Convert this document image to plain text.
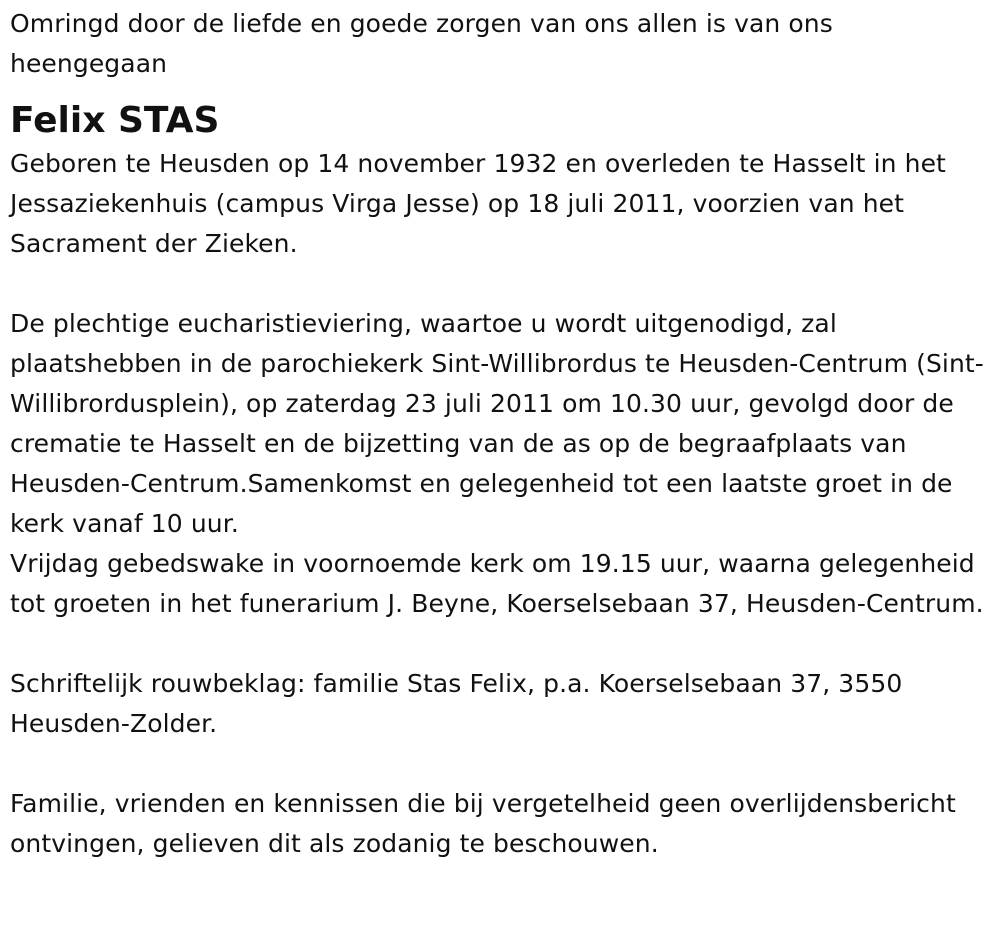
Omringd door de liefde en goede zorgen van ons allen is van ons heengegaan

Felix STAS

Geboren te Heusden op 14 november 1932 en overleden te Hasselt in het Jessaziekenhuis (campus Virga Jesse) op 18 juli 2011, voorzien van het Sacrament der Zieken.

De plechtige eucharistieviering, waartoe u wordt uitgenodigd, zal plaatshebben in de parochiekerk Sint-Willibrordus te Heusden-Centrum (Sint-Willibrordusplein), op zaterdag 23 juli 2011 om 10.30 uur, gevolgd door de crematie te Hasselt en de bijzetting van de as op de begraafplaats van Heusden-Centrum.Samenkomst en gelegenheid tot een laatste groet in de kerk vanaf 10 uur.

Vrijdag gebedswake in voornoemde kerk om 19.15 uur, waarna gelegenheid tot groeten in het funerarium J. Beyne, Koerselsebaan 37, Heusden-Centrum.

Schriftelijk rouwbeklag: familie Stas Felix, p.a. Koerselsebaan 37, 3550 Heusden-Zolder.

Familie, vrienden en kennissen die bij vergetelheid geen overlijdensbericht ontvingen, gelieven dit als zodanig te beschouwen.
